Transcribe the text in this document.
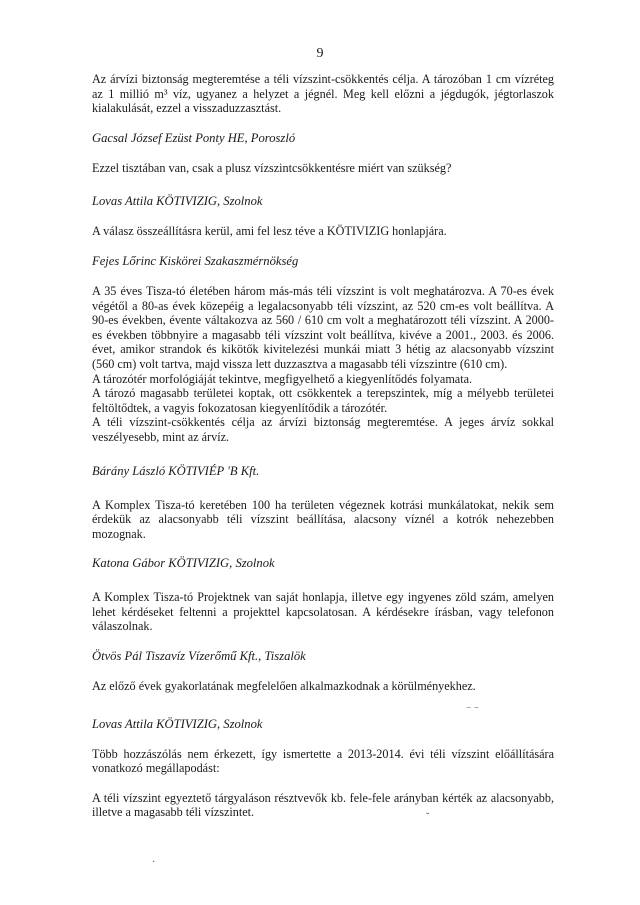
9

Az árvízi biztonság megteremtése a téli vízszint-csökkentés célja. A tározóban 1 cm vízréteg az 1 millió m³ víz, ugyanez a helyzet a jégnél. Meg kell előzni a jégdugók, jégtorlaszok kialakulását, ezzel a visszaduzzasztást.

Gacsal József Ezüst Ponty HE, Poroszló

Ezzel tisztában van, csak a plusz vízszintcsökkentésre miért van szükség?

Lovas Attila KÖTIVIZIG, Szolnok

A válasz összeállításra kerül, ami fel lesz téve a KÖTIVIZIG honlapjára.

Fejes Lőrinc Kiskörei Szakaszmérnökség

A 35 éves Tisza-tó életében három más-más téli vízszint is volt meghatározva. A 70-es évek végétől a 80-as évek közepéig a legalacsonyabb téli vízszint, az 520 cm-es volt beállítva. A 90-es években, évente váltakozva az 560 / 610 cm volt a meghatározott téli vízszint. A 2000-es években többnyire a magasabb téli vízszint volt beállítva, kivéve a 2001., 2003. és 2006. évet, amikor strandok és kikötők kivitelezési munkái miatt 3 hétig az alacsonyabb vízszint (560 cm) volt tartva, majd vissza lett duzzasztva a magasabb téli vízszintre (610 cm).

A tározótér morfológiáját tekintve, megfigyelhető a kiegyenlítődés folyamata.

A tározó magasabb területei koptak, ott csökkentek a terepszintek, míg a mélyebb területei feltöltődtek, a vagyis fokozatosan kiegyenlítődik a tározótér.

A téli vízszint-csökkentés célja az árvízi biztonság megteremtése. A jeges árvíz sokkal veszélyesebb, mint az árvíz.

Bárány László KÖTIVIÉP 'B Kft.

A Komplex Tisza-tó keretében 100 ha területen végeznek kotrási munkálatokat, nekik sem érdekük az alacsonyabb téli vízszint beállítása, alacsony víznél a kotrók nehezebben mozognak.

Katona Gábor KÖTIVIZIG, Szolnok

A Komplex Tisza-tó Projektnek van saját honlapja, illetve egy ingyenes zöld szám, amelyen lehet kérdéseket feltenni a projekttel kapcsolatosan. A kérdésekre írásban, vagy telefonon válaszolnak.

Ötvös Pál Tiszavíz Vízerőmű Kft., Tiszalök

Az előző évek gyakorlatának megfelelően alkalmazkodnak a körülményekhez.

Lovas Attila KÖTIVIZIG, Szolnok

Több hozzászólás nem érkezett, így ismertette a 2013-2014. évi téli vízszint előállítására vonatkozó megállapodást:

A téli vízszint egyeztető tárgyaláson résztvevők kb. fele-fele arányban kérték az alacsonyabb, illetve a magasabb téli vízszintet.

⁻ ⁻
˘
·
